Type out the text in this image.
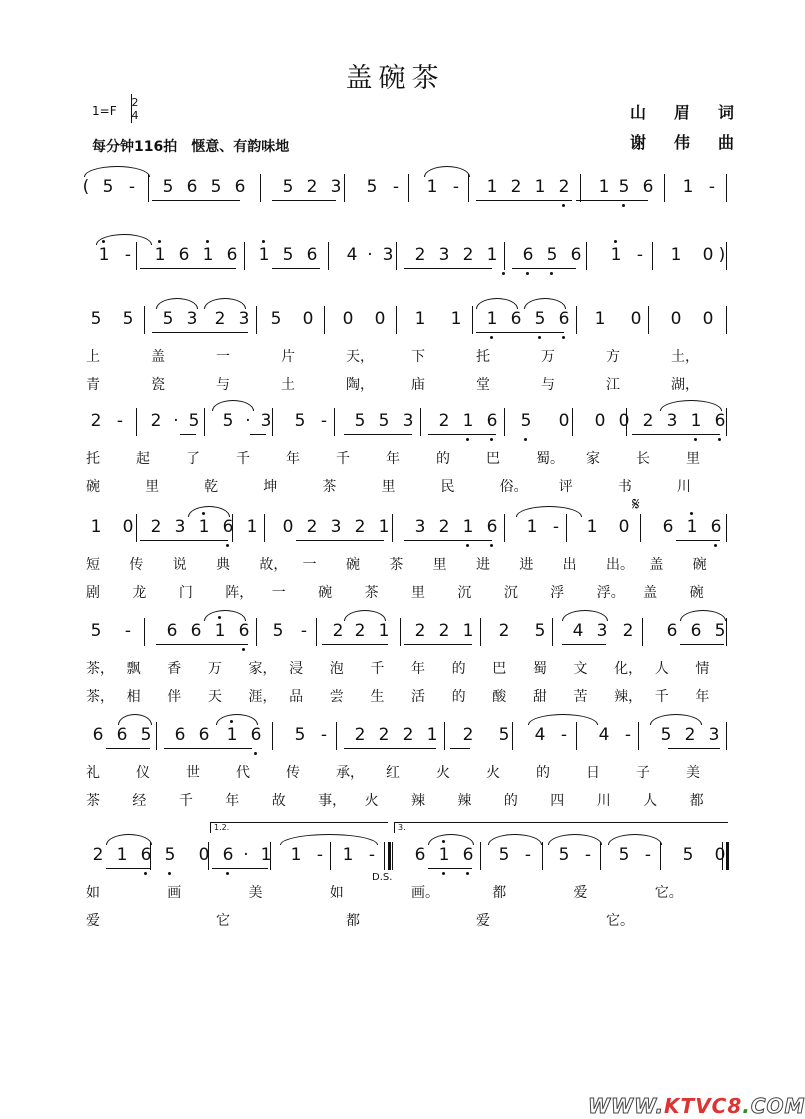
盖碗茶
1=F
2
4
每分钟116拍　惬意、有韵味地
山　眉　词
谢　伟　曲
( 5 - 5 6 5 6 5 2 3 5 - 1 - 1 2 1 2 1 5 6 1 -
1 - 1 6 1 6 1 5 6 4 · 3 2 3 2 1 6 5 6 1 - 1 0 )
5 5 5 3 2 3 5 0 0 0 1 1 1 6 5 6 1 0 0 0
上	盖	一	片	天，	下	托	万	方	土，
青	瓷	与	土	陶，	庙	堂	与	江	湖，
2 - 2 · 5 5 · 3 5 - 5 5 3 2 1 6 5 0 0 0 2 3 1 6
托	起	了	千	年	千	年	的	巴	蜀。 家	长	里
碗	里	乾	坤	茶	里	民	俗。 评	书	川
1 0 2 3 1 6 1 0 2 3 2 1 3 2 1 6 1 - 1 0 6 1 6
短 传 说 典 故， 一 碗 茶 里 进 进 出 出。 盖 碗
剧 龙 门 阵， 一 碗 茶 里 沉 沉 浮 浮。 盖 碗
5 - 6 6 1 6 5 - 2 2 1 2 2 1 2 5 4 3 2 6 6 5
茶， 飘 香 万 家， 浸 泡 千 年 的 巴 蜀 文 化， 人 情
茶， 相 伴 天 涯， 品 尝 生 活 的 酸 甜 苦 辣， 千 年
6 6 5 6 6 1 6 5 - 2 2 2 1 2 5 4 - 4 - 5 2 3
礼	仪	世	代	传	承， 红	火	火	的	日	子	美
茶 经 千 年 故 事， 火 辣 辣 的 四 川 人 都
2 1 6 5 0 6 · 1 1 - 1 - 6 1 6 5 - 5 - 5 - 5 0
如	画	美	如	画。	都	爱	它。
爱	它	都	爱	它。
1.2.	3.
𝄋
D.S.
WWW.KTVC8.COM
